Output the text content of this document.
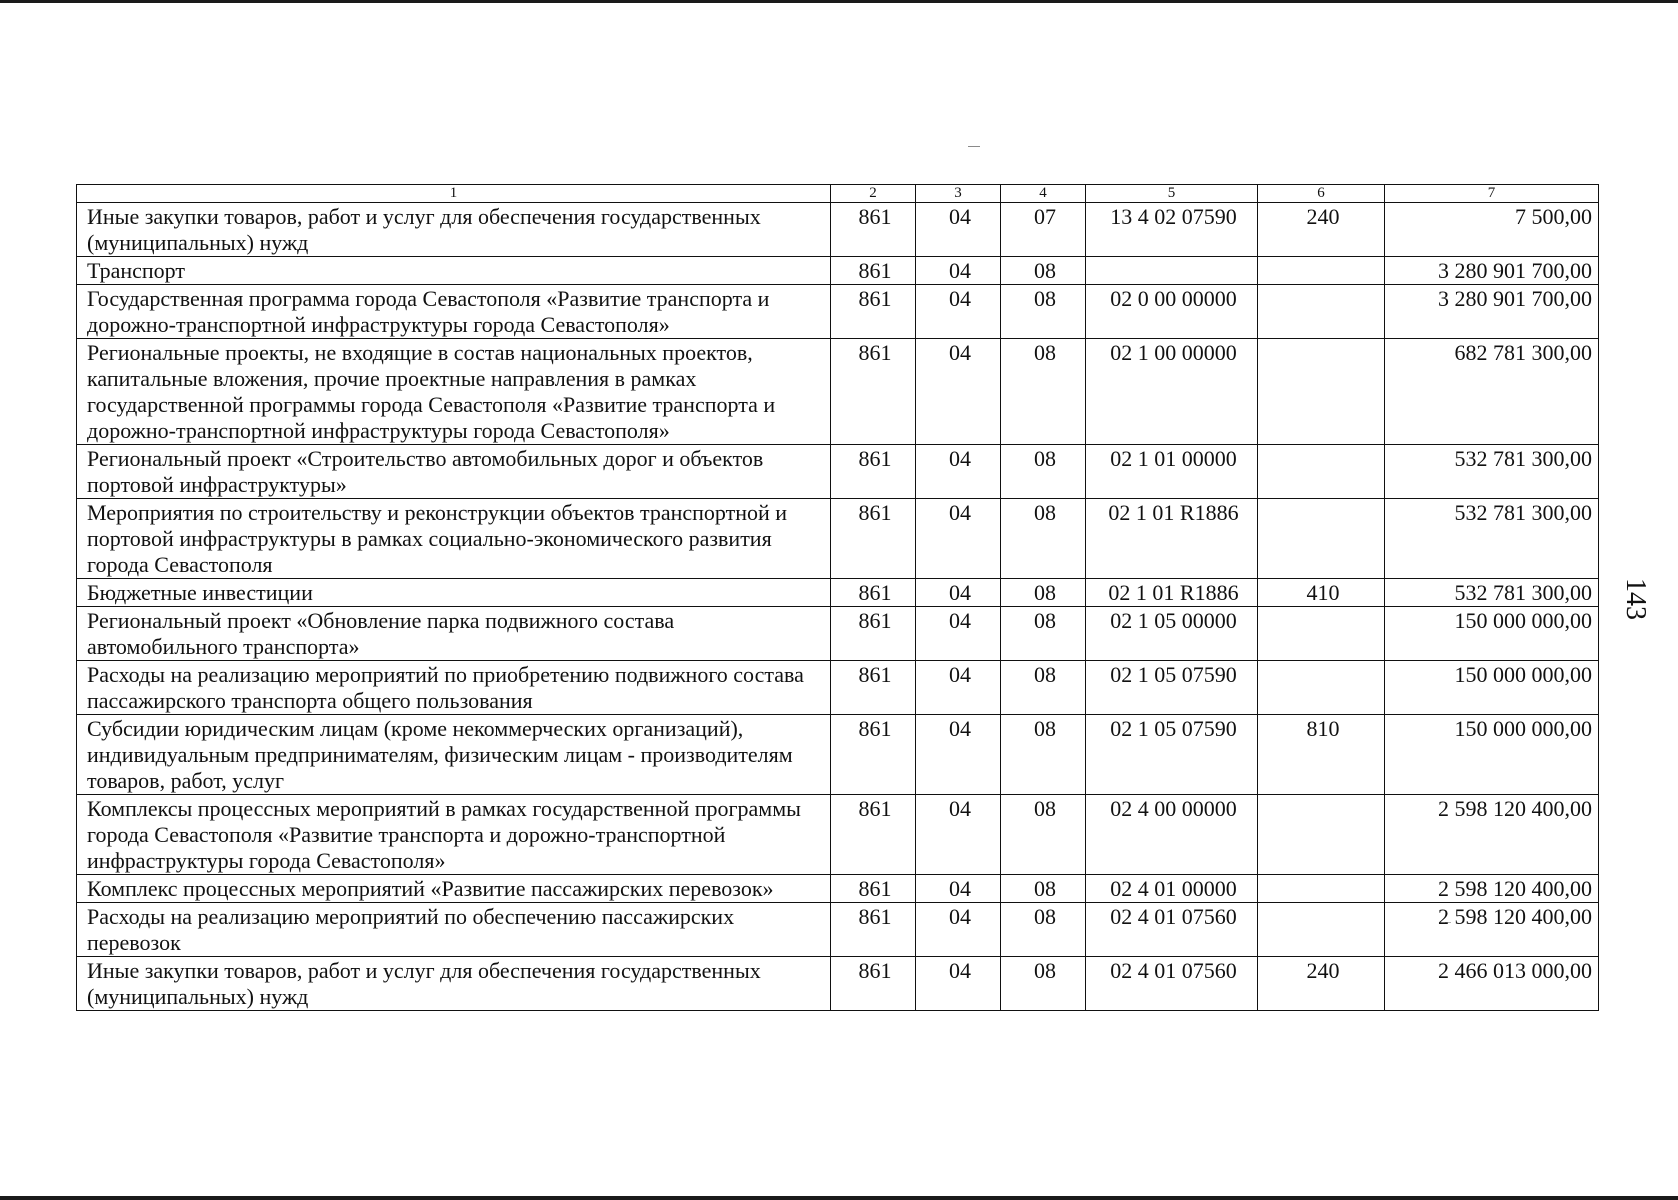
1	2	3	4	5	6	7
Иные закупки товаров, работ и услуг для обеспечения государственных (муниципальных) нужд	861	04	07	13 4 02 07590	240	7 500,00
Транспорт	861	04	08			3 280 901 700,00
Государственная программа города Севастополя «Развитие транспорта и дорожно-транспортной инфраструктуры города Севастополя»	861	04	08	02 0 00 00000		3 280 901 700,00
Региональные проекты, не входящие в состав национальных проектов, капитальные вложения, прочие проектные направления в рамках государственной программы города Севастополя «Развитие транспорта и дорожно-транспортной инфраструктуры города Севастополя»	861	04	08	02 1 00 00000		682 781 300,00
Региональный проект «Строительство автомобильных дорог и объектов портовой инфраструктуры»	861	04	08	02 1 01 00000		532 781 300,00
Мероприятия по строительству и реконструкции объектов транспортной и портовой инфраструктуры в рамках социально-экономического развития города Севастополя	861	04	08	02 1 01 R1886		532 781 300,00
Бюджетные инвестиции	861	04	08	02 1 01 R1886	410	532 781 300,00
Региональный проект «Обновление парка подвижного состава автомобильного транспорта»	861	04	08	02 1 05 00000		150 000 000,00
Расходы на реализацию мероприятий по приобретению подвижного состава пассажирского транспорта общего пользования	861	04	08	02 1 05 07590		150 000 000,00
Субсидии юридическим лицам (кроме некоммерческих организаций), индивидуальным предпринимателям, физическим лицам - производителям товаров, работ, услуг	861	04	08	02 1 05 07590	810	150 000 000,00
Комплексы процессных мероприятий в рамках государственной программы города Севастополя «Развитие транспорта и дорожно-транспортной инфраструктуры города Севастополя»	861	04	08	02 4 00 00000		2 598 120 400,00
Комплекс процессных мероприятий «Развитие пассажирских перевозок»	861	04	08	02 4 01 00000		2 598 120 400,00
Расходы на реализацию мероприятий по обеспечению пассажирских перевозок	861	04	08	02 4 01 07560		2 598 120 400,00
Иные закупки товаров, работ и услуг для обеспечения государственных (муниципальных) нужд	861	04	08	02 4 01 07560	240	2 466 013 000,00
143
